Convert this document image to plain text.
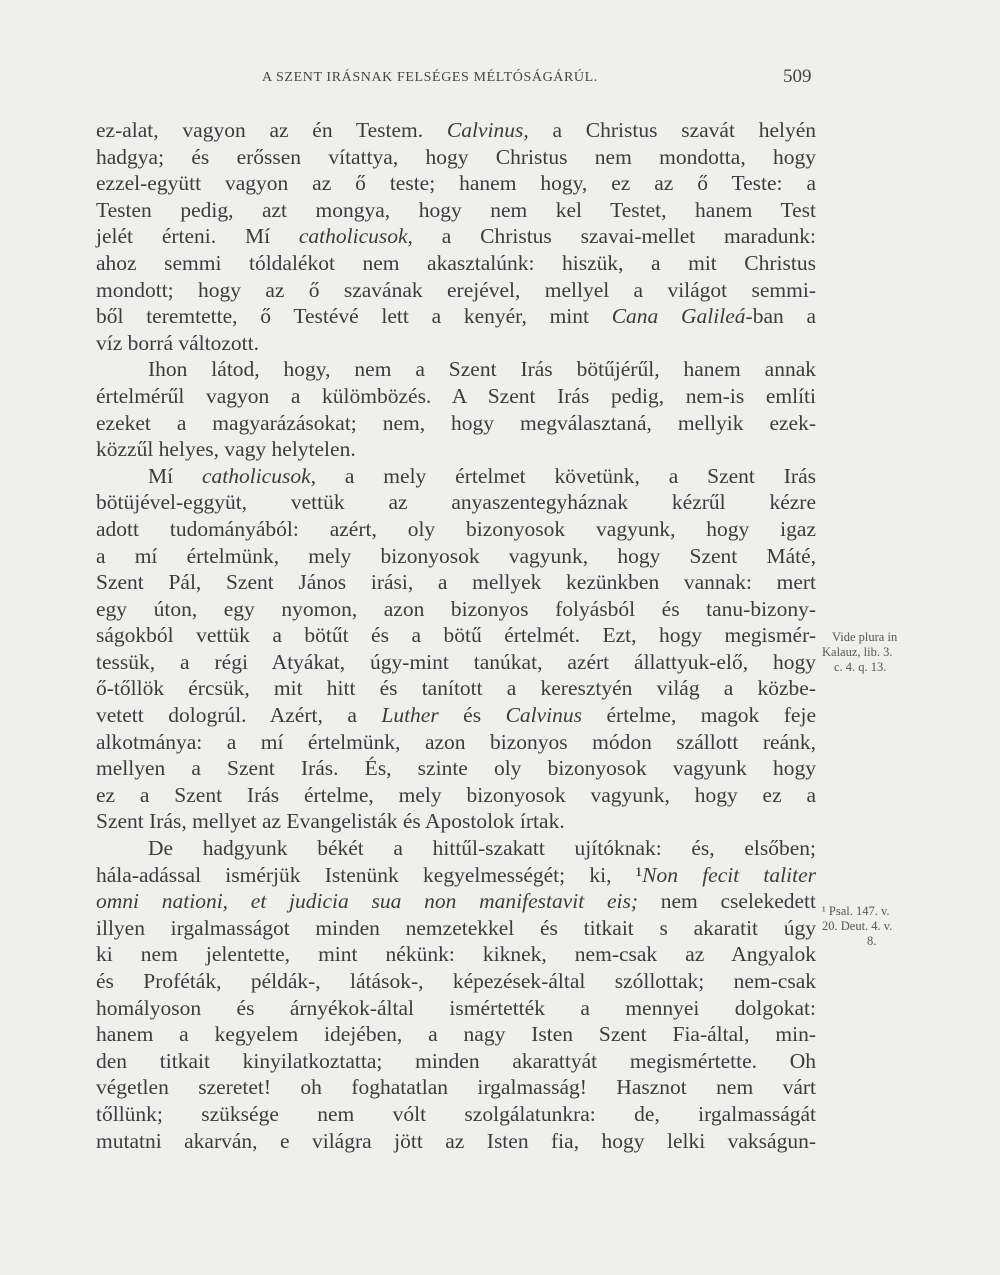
A SZENT IRÁSNAK FELSÉGES MÉLTÓSÁGÁRÚL.	509
ez-alat, vagyon az én Testem. Calvinus, a Christus szavát helyén
hadgya; és erőssen vítattya, hogy Christus nem mondotta, hogy
ezzel-együtt vagyon az ő teste; hanem hogy, ez az ő Teste: a
Testen pedig, azt mongya, hogy nem kel Testet, hanem Test
jelét érteni. Mí catholicusok, a Christus szavai-mellet maradunk:
ahoz semmi tóldalékot nem akasztalúnk: hiszük, a mit Christus
mondott; hogy az ő szavának erejével, mellyel a világot semmi-
ből teremtette, ő Testévé lett a kenyér, mint Cana Galileá-ban a
víz borrá változott.
Ihon látod, hogy, nem a Szent Irás bötűjérűl, hanem annak
értelmérűl vagyon a külömbözés. A Szent Irás pedig, nem-is említi
ezeket a magyarázásokat; nem, hogy megválasztaná, mellyik ezek-
közzűl helyes, vagy helytelen.
Mí catholicusok, a mely értelmet követünk, a Szent Irás
bötüjével-eggyüt, vettük az anyaszentegyháznak kézrűl kézre
adott tudományából: azért, oly bizonyosok vagyunk, hogy igaz
a mí értelmünk, mely bizonyosok vagyunk, hogy Szent Máté,
Szent Pál, Szent János irási, a mellyek kezünkben vannak: mert
egy úton, egy nyomon, azon bizonyos folyásból és tanu-bizony-
ságokból vettük a bötűt és a bötű értelmét. Ezt, hogy megismér-
tessük, a régi Atyákat, úgy-mint tanúkat, azért állattyuk-elő, hogy
ő-tőllök ércsük, mit hitt és tanított a keresztyén világ a közbe-
vetett dologrúl. Azért, a Luther és Calvinus értelme, magok feje
alkotmánya: a mí értelmünk, azon bizonyos módon szállott reánk,
mellyen a Szent Irás. És, szinte oly bizonyosok vagyunk hogy
ez a Szent Irás értelme, mely bizonyosok vagyunk, hogy ez a
Szent Irás, mellyet az Evangelisták és Apostolok írtak.
De hadgyunk békét a hittűl-szakatt ujítóknak: és, elsőben;
hála-adással ismérjük Istenünk kegyelmességét; ki, ¹Non fecit taliter
omni nationi, et judicia sua non manifestavit eis; nem cselekedett
illyen irgalmasságot minden nemzetekkel és titkait s akaratit úgy
ki nem jelentette, mint nékünk: kiknek, nem-csak az Angyalok
és Proféták, példák-, látások-, képezések-által szóllottak; nem-csak
homályoson és árnyékok-által ismértették a mennyei dolgokat:
hanem a kegyelem idejében, a nagy Isten Szent Fia-által, min-
den titkait kinyilatkoztatta; minden akarattyát megismértette. Oh
végetlen szeretet! oh foghatatlan irgalmasság! Hasznot nem várt
tőllünk; szüksége nem vólt szolgálatunkra: de, irgalmasságát
mutatni akarván, e világra jött az Isten fia, hogy lelki vakságun-
Vide plura in
Kalauz, lib. 3.
c. 4. q. 13.
¹ Psal. 147. v.
20. Deut. 4. v.
8.
